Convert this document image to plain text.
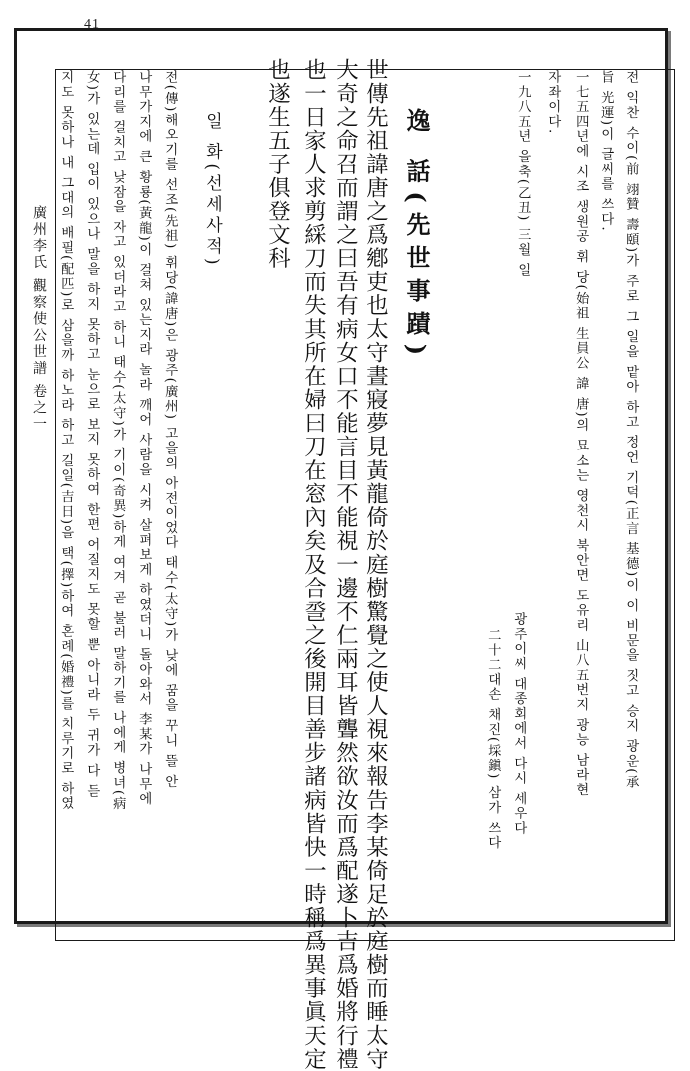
41
廣州李氏 觀察使公世譜 卷之一	전 익찬 수이(前 翊贊 壽頤)가 주로 그 일을 맡아 하고 정언 기덕(正言 基德)이 이 비문을 짓고 승지 광운(承
旨 光運)이 글씨를 쓰다.
一七五四년에 시조 생원공 휘 당(始祖 生員公 諱 唐)의 묘소는 영천시 북안면 도유리 山八五번지 광능 남라현
자좌이다.
一九八五년 을축(乙丑) 三월 일
광주이씨 대종회에서 다시 세우다
二十二대손 채진(埰鎭) 삼가 쓰다
逸 話(先世事蹟)
世傳先祖諱唐之爲鄕吏也太守晝寢夢見黃龍倚於庭樹驚覺之使人視來報告李某倚足於庭樹而睡太守
大奇之命召而謂之曰吾有病女口不能言目不能視一邊不仁兩耳皆聾然欲汝而爲配遂卜吉爲婚將行禮
也一日家人求剪綵刀而失其所在婦曰刀在窓內矣及合巹之後開目善步諸病皆快一時稱爲異事眞天定
也遂生五子俱登文科
일 화(선세사적)
전(傳)해오기를 선조(先祖) 휘당(諱唐)은 광주(廣州) 고을의 아전이었다 태수(太守)가 낮에 꿈을 꾸니 뜰 안
나무가지에 큰 황룡(黃龍)이 걸쳐 있는지라 놀라 깨어 사람을 시켜 살펴보게 하였더니 돌아와서 李某가 나무에
다리를 걸치고 낮잠을 자고 있더라고 하니 태수(太守)가 기이(奇異)하게 여겨 곧 불러 말하기를 나에게 병녀(病
女)가 있는데 입이 있으나 말을 하지 못하고 눈으로 보지 못하여 한편 어질지도 못할 뿐 아니라 두 귀가 다 듣
지도 못하나 내 그대의 배필(配匹)로 삼을까 하노라 하고 길일(吉日)을 택(擇)하여 혼례(婚禮)를 치루기로 하였
